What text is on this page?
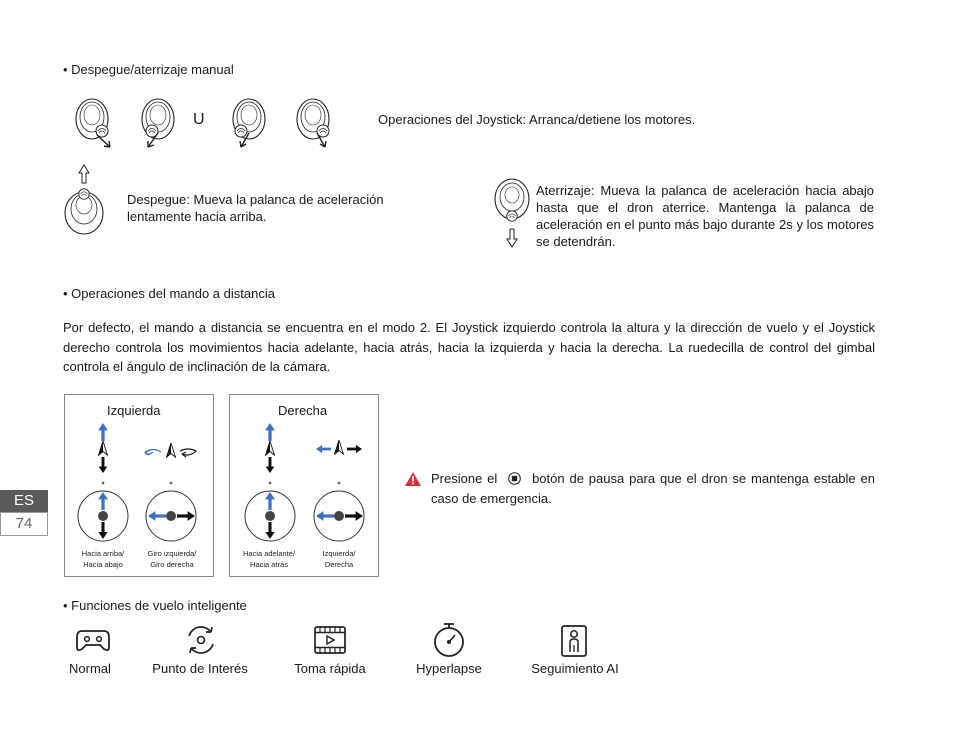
• Despegue/aterrizaje manual
U	Operaciones del Joystick: Arranca/detiene los motores.
Despegue: Mueva la palanca de aceleración lentamente hacia arriba.
Aterrizaje: Mueva la palanca de aceleración hacia abajo hasta que el dron aterrice. Mantenga la palanca de aceleración en el punto más bajo durante 2s y los motores se detendrán.
• Operaciones del mando a distancia
Por defecto, el mando a distancia se encuentra en el modo 2. El Joystick izquierdo controla la altura y la dirección de vuelo y el Joystick derecho controla los movimientos hacia adelante, hacia atrás, hacia la izquierda y hacia la derecha. La ruedecilla de control del gimbal controla el ángulo de inclinación de la cámara.
Izquierda
Hacia arriba/
Hacia abajo
Giro izquierda/
Giro derecha
Derecha
Hacia adelante/
Hacia atrás
Izquierda/
Derecha
Presione el	botón de pausa para que el dron se mantenga estable en caso de emergencia.
ES
74
• Funciones de vuelo inteligente
Normal	Punto de Interés	Toma rápida	Hyperlapse	Seguimiento AI
